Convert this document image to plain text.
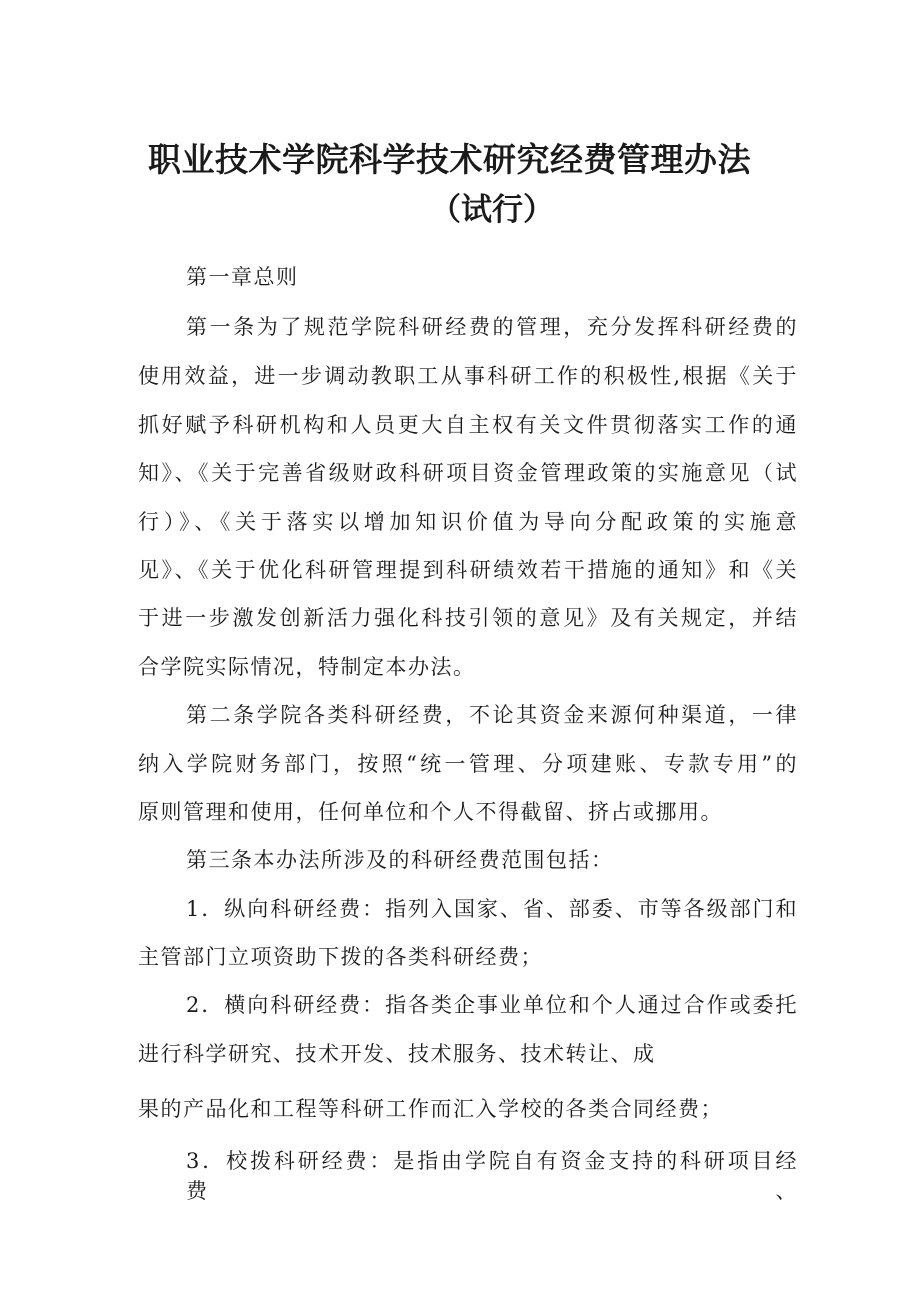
职业技术学院科学技术研究经费管理办法
（试行）
第一章总则
第一条为了规范学院科研经费的管理，充分发挥科研经费的
使用效益，进一步调动教职工从事科研工作的积极性,根据《关于
抓好赋予科研机构和人员更大自主权有关文件贯彻落实工作的通
知》、《关于完善省级财政科研项目资金管理政策的实施意见（试
行）》、《关于落实以增加知识价值为导向分配政策的实施意
见》、《关于优化科研管理提到科研绩效若干措施的通知》和《关
于进一步激发创新活力强化科技引领的意见》及有关规定，并结
合学院实际情况，特制定本办法。
第二条学院各类科研经费，不论其资金来源何种渠道，一律
纳入学院财务部门，按照“统一管理、分项建账、专款专用”的
原则管理和使用，任何单位和个人不得截留、挤占或挪用。
第三条本办法所涉及的科研经费范围包括：
1．纵向科研经费：指列入国家、省、部委、市等各级部门和
主管部门立项资助下拨的各类科研经费；
2．横向科研经费：指各类企事业单位和个人通过合作或委托
进行科学研究、技术开发、技术服务、技术转让、成
果的产品化和工程等科研工作而汇入学校的各类合同经费；
3．校拨科研经费：是指由学院自有资金支持的科研项目经费、
